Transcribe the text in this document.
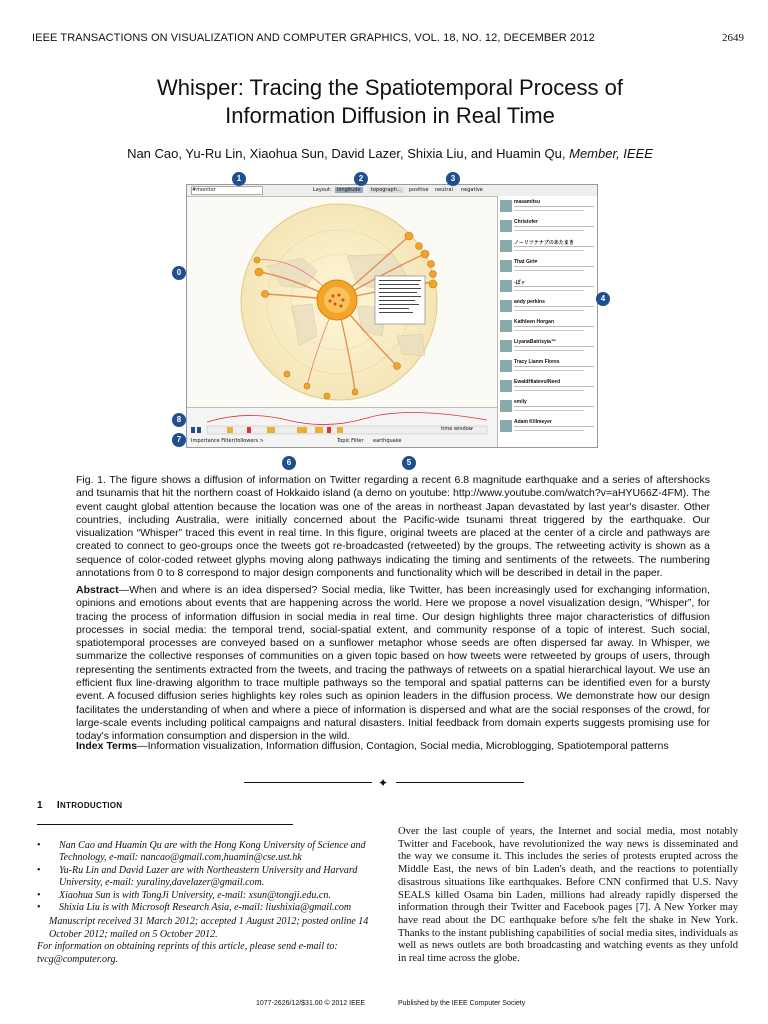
IEEE TRANSACTIONS ON VISUALIZATION AND COMPUTER GRAPHICS, VOL. 18, NO. 12, DECEMBER 2012	2649
Whisper: Tracing the Spatiotemporal Process of
Information Diffusion in Real Time
Nan Cao, Yu-Ru Lin, Xiaohua Sun, David Lazer, Shixia Liu, and Huamin Qu, Member, IEEE
#monitor	Layout:	longitude	topograph...	positive neutral negative
masamitsu
Christofer
ノーリツテナブのあたまき
That Girl♥
-ぽヶ
andy perkins
Kathleen Horgan
LiyanaBatrisyia™
Tracy Lianm Flores
EwaldHiatevulNeed
emily
Adam Killmeyer
time window
Importance Filter(followers >	Topic Filter earthquake
1	2	3
0
4
8
7
6	5
Fig. 1. The figure shows a diffusion of information on Twitter regarding a recent 6.8 magnitude earthquake and a series of aftershocks and tsunamis that hit the northern coast of Hokkaido island (a demo on youtube: http://www.youtube.com/watch?v=aHYU66Z-4FM). The event caught global attention because the location was one of the areas in northeast Japan devastated by last year's disaster. Other countries, including Australia, were initially concerned about the Pacific-wide tsunami threat triggered by the earthquake. Our visualization “Whisper” traced this event in real time. In this figure, original tweets are placed at the center of a circle and pathways are created to connect to geo-groups once the tweets got re-broadcasted (retweeted) by the groups. The retweeting activity is shown as a sequence of color-coded retweet glyphs moving along pathways indicating the timing and sentiments of the retweets. The numbering annotations from 0 to 8 correspond to major design components and functionality which will be described in detail in the paper.
Abstract—When and where is an idea dispersed? Social media, like Twitter, has been increasingly used for exchanging information, opinions and emotions about events that are happening across the world. Here we propose a novel visualization design, “Whisper”, for tracing the process of information diffusion in social media in real time. Our design highlights three major characteristics of diffusion processes in social media: the temporal trend, social-spatial extent, and community response of a topic of interest. Such social, spatiotemporal processes are conveyed based on a sunflower metaphor whose seeds are often dispersed far away. In Whisper, we summarize the collective responses of communities on a given topic based on how tweets were retweeted by groups of users, through representing the sentiments extracted from the tweets, and tracing the pathways of retweets on a spatial hierarchical layout. We use an efficient flux line-drawing algorithm to trace multiple pathways so the temporal and spatial patterns can be identified even for a bursty event. A focused diffusion series highlights key roles such as opinion leaders in the diffusion process. We demonstrate how our design facilitates the understanding of when and where a piece of information is dispersed and what are the social responses of the crowd, for large-scale events including political campaigns and natural disasters. Initial feedback from domain experts suggests promising use for today's information consumption and dispersion in the wild.
Index Terms—Information visualization, Information diffusion, Contagion, Social media, Microblogging, Spatiotemporal patterns
✦
1 INTRODUCTION
• Nan Cao and Huamin Qu are with the Hong Kong University of Science and Technology, e-mail: nancao@gmail.com,huamin@cse.ust.hk
• Yu-Ru Lin and David Lazer are with Northeastern University and Harvard University, e-mail: yuraliny,davelazer@gmail.com.
• Xiaohua Sun is with TongJi University, e-mail: xsun@tongji.edu.cn.
• Shixia Liu is with Microsoft Research Asia, e-mail: liushixia@gmail.com
Manuscript received 31 March 2012; accepted 1 August 2012; posted online 14 October 2012; mailed on 5 October 2012.
For information on obtaining reprints of this article, please send e-mail to: tvcg@computer.org.
Over the last couple of years, the Internet and social media, most notably Twitter and Facebook, have revolutionized the way news is disseminated and the way we consume it. This includes the series of protests erupted across the Middle East, the news of bin Laden's death, and the reactions to potentially disastrous situations like earthquakes. Before CNN confirmed that U.S. Navy SEALS killed Osama bin Laden, millions had already rapidly dispersed the information through their Twitter and Facebook pages [7]. A New Yorker may have read about the DC earthquake before s/he felt the shake in New York. Thanks to the instant publishing capabilities of social media sites, individuals as well as news outlets are both broadcasting and watching events as they unfold in real time across the globe.
1077-2626/12/$31.00 © 2012 IEEE	Published by the IEEE Computer Society
